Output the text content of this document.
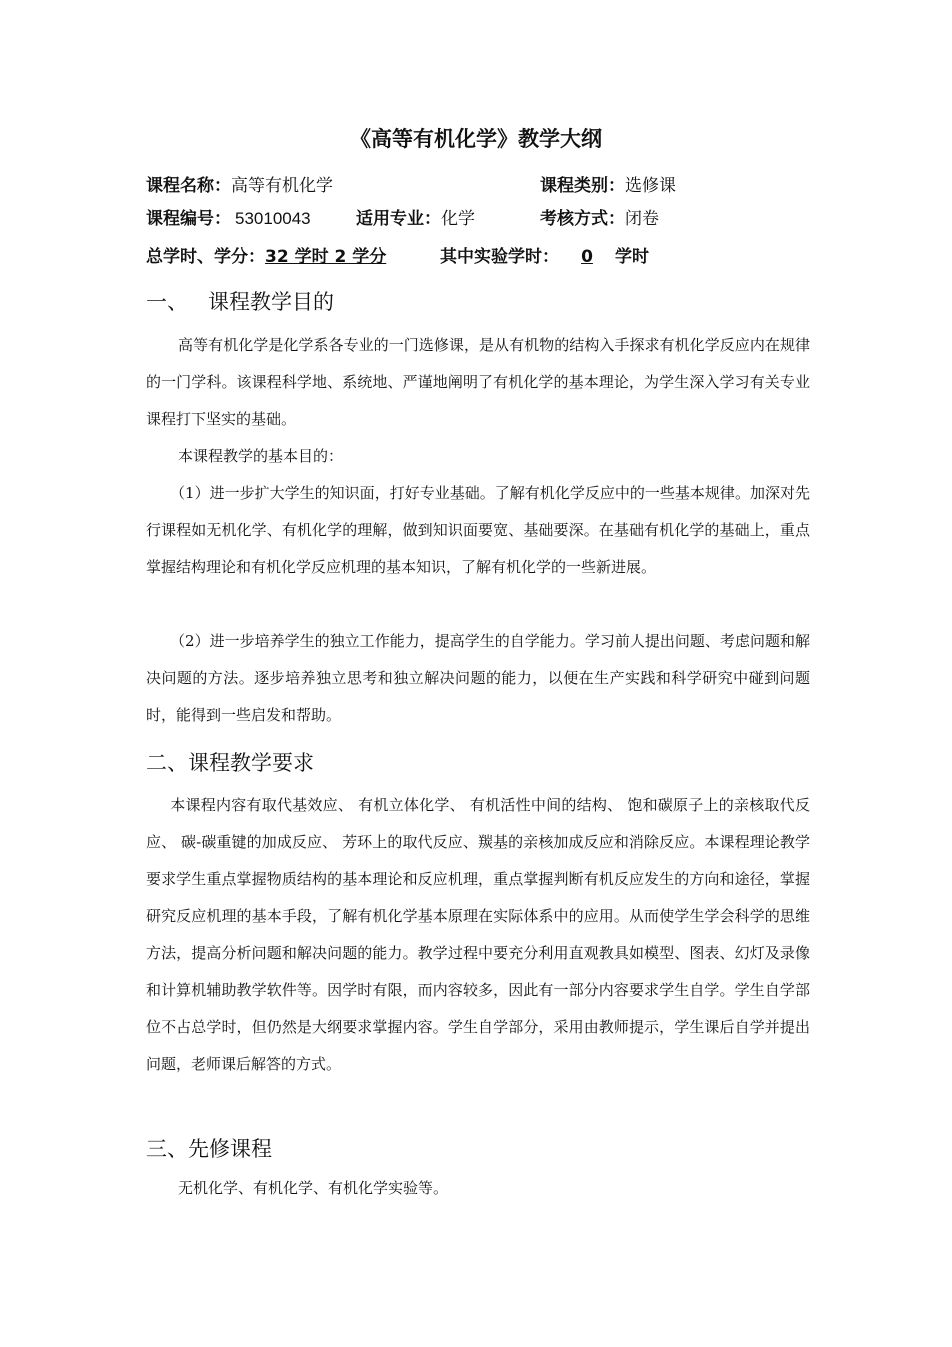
《高等有机化学》教学大纲
课程名称：高等有机化学	课程类别：选修课
课程编号： 53010043	适用专业：化学	考核方式：闭卷
总学时、学分：32 学时 2 学分	其中实验学时： 0 学时
一、 课程教学目的

高等有机化学是化学系各专业的一门选修课，是从有机物的结构入手探求有机化学反应内在规律的一门学科。该课程科学地、系统地、严谨地阐明了有机化学的基本理论，为学生深入学习有关专业课程打下坚实的基础。

本课程教学的基本目的：

（1）进一步扩大学生的知识面，打好专业基础。了解有机化学反应中的一些基本规律。加深对先行课程如无机化学、有机化学的理解，做到知识面要宽、基础要深。在基础有机化学的基础上，重点掌握结构理论和有机化学反应机理的基本知识，了解有机化学的一些新进展。

（2）进一步培养学生的独立工作能力，提高学生的自学能力。学习前人提出问题、考虑问题和解决问题的方法。逐步培养独立思考和独立解决问题的能力，以便在生产实践和科学研究中碰到问题时，能得到一些启发和帮助。

二、课程教学要求

本课程内容有取代基效应、 有机立体化学、 有机活性中间的结构、 饱和碳原子上的亲核取代反应、 碳-碳重键的加成反应、 芳环上的取代反应、羰基的亲核加成反应和消除反应。本课程理论教学要求学生重点掌握物质结构的基本理论和反应机理，重点掌握判断有机反应发生的方向和途径，掌握研究反应机理的基本手段，了解有机化学基本原理在实际体系中的应用。从而使学生学会科学的思维方法，提高分析问题和解决问题的能力。教学过程中要充分利用直观教具如模型、图表、幻灯及录像和计算机辅助教学软件等。因学时有限，而内容较多，因此有一部分内容要求学生自学。学生自学部位不占总学时，但仍然是大纲要求掌握内容。学生自学部分，采用由教师提示，学生课后自学并提出问题，老师课后解答的方式。

三、先修课程

无机化学、有机化学、有机化学实验等。
